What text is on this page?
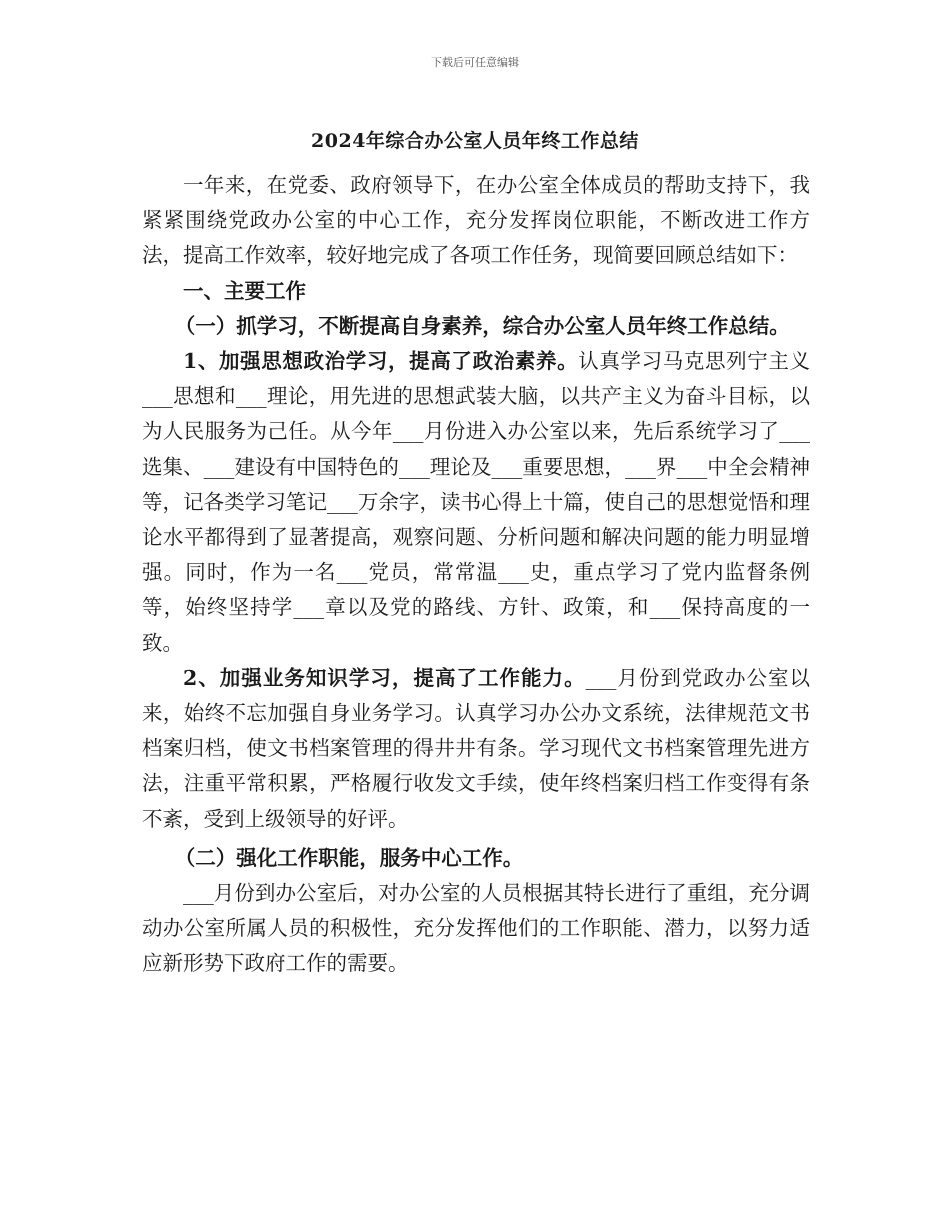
下载后可任意编辑
2024年综合办公室人员年终工作总结

一年来，在党委、政府领导下，在办公室全体成员的帮助支持下，我紧紧围绕党政办公室的中心工作，充分发挥岗位职能，不断改进工作方法，提高工作效率，较好地完成了各项工作任务，现简要回顾总结如下：

一、主要工作

（一）抓学习，不断提高自身素养，综合办公室人员年终工作总结。

1、加强思想政治学习，提高了政治素养。认真学习马克思列宁主义___思想和___理论，用先进的思想武装大脑，以共产主义为奋斗目标，以为人民服务为己任。从今年___月份进入办公室以来，先后系统学习了___选集、___建设有中国特色的___理论及___重要思想，___界___中全会精神等，记各类学习笔记___万余字，读书心得上十篇，使自己的思想觉悟和理论水平都得到了显著提高，观察问题、分析问题和解决问题的能力明显增强。同时，作为一名___党员，常常温___史，重点学习了党内监督条例等，始终坚持学___章以及党的路线、方针、政策，和___保持高度的一致。

2、加强业务知识学习，提高了工作能力。___月份到党政办公室以来，始终不忘加强自身业务学习。认真学习办公办文系统，法律规范文书档案归档，使文书档案管理的得井井有条。学习现代文书档案管理先进方法，注重平常积累，严格履行收发文手续，使年终档案归档工作变得有条不紊，受到上级领导的好评。

（二）强化工作职能，服务中心工作。

___月份到办公室后，对办公室的人员根据其特长进行了重组，充分调动办公室所属人员的积极性，充分发挥他们的工作职能、潜力，以努力适应新形势下政府工作的需要。
